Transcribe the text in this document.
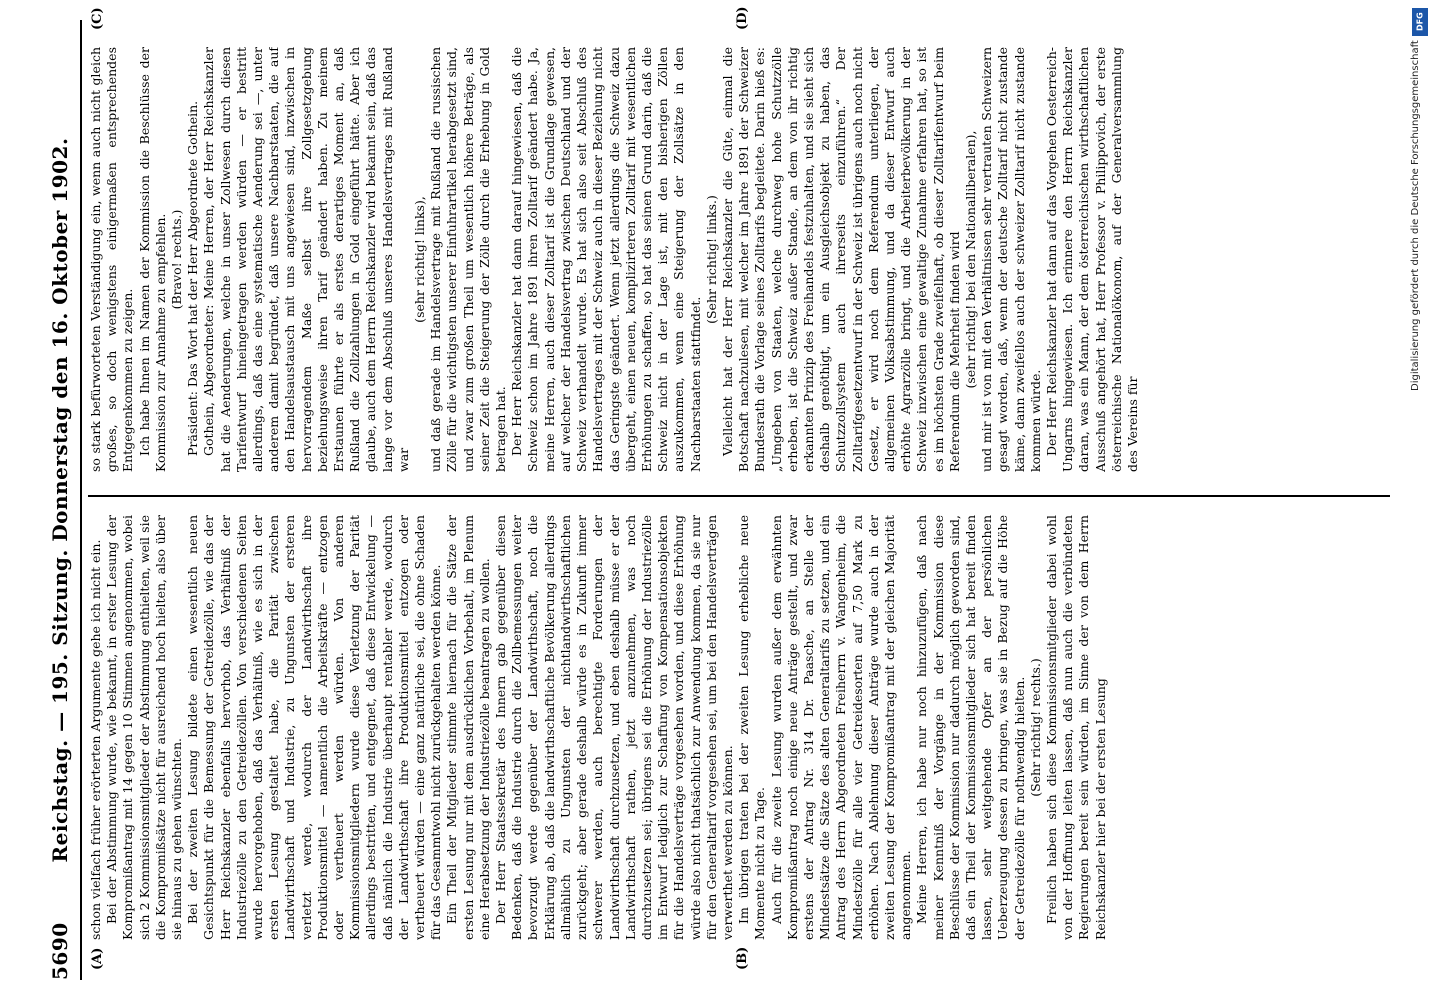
5690
Reichstag. — 195. Sitzung. Donnerstag den 16. Oktober 1902.
(A)	(B)
(C)	(D)

schon vielfach früher erörterten Argumente gehe ich nicht ein. Bei der Abstimmung wurde, wie bekannt, in erster Lesung der Kompromißantrag mit 14 gegen 10 Stimmen angenommen, wobei sich 2 Kommissionsmitglieder der Abstimmung enthielten, weil sie die Kompromißsätze nicht für ausreichend hoch hielten, also über sie hinaus zu gehen wünschten. Bei der zweiten Lesung bildete einen wesentlich neuen Gesichtspunkt für die Bemessung der Getreidezölle, wie das der Herr Reichskanzler ebenfalls hervorhob, das Verhältniß der Industriezölle zu den Getreidezöllen. Von verschiedenen Seiten wurde hervorgehoben, daß das Verhältniß, wie es sich in der ersten Lesung gestaltet habe, die Parität zwischen Landwirthschaft und Industrie, zu Ungunsten der ersteren verletzt werde, wodurch der Landwirthschaft ihre Produktionsmittel — namentlich die Arbeitskräfte — entzogen oder vertheuert werden würden. Von anderen Kommissionsmitgliedern wurde diese Verletzung der Parität allerdings bestritten, und entgegnet, daß diese Entwickelung — daß nämlich die Industrie überhaupt rentabler werde, wodurch der Landwirthschaft ihre Produktionsmittel entzogen oder vertheuert würden — eine ganz natürliche sei, die ohne Schaden für das Gesammtwohl nicht zurückgehalten werden könne. Ein Theil der Mitglieder stimmte hiernach für die Sätze der ersten Lesung nur mit dem ausdrücklichen Vorbehalt, im Plenum eine Herabsetzung der Industriezölle beantragen zu wollen. Der Herr Staatssekretär des Innern gab gegenüber diesen Bedenken, daß die Industrie durch die Zollbemessungen weiter bevorzugt werde gegenüber der Landwirthschaft, noch die Erklärung ab, daß die landwirthschaftliche Bevölkerung allerdings allmählich zu Ungunsten der nichtlandwirthschaftlichen zurückgeht; aber gerade deshalb würde es in Zukunft immer schwerer werden, auch berechtigte Forderungen der Landwirthschaft durchzusetzen, und eben deshalb müsse er der Landwirthschaft rathen, jetzt anzunehmen, was noch durchzusetzen sei; übrigens sei die Erhöhung der Industriezölle im Entwurf lediglich zur Schaffung von Kompensationsobjekten für die Handelsverträge vorgesehen worden, und diese Erhöhung würde also nicht thatsächlich zur Anwendung kommen, da sie nur für den Generaltarif vorgesehen sei, um bei den Handelsverträgen verwerthet werden zu können. Im übrigen traten bei der zweiten Lesung erhebliche neue Momente nicht zu Tage. Auch für die zweite Lesung wurden außer dem erwähnten Kompromißantrag noch einige neue Anträge gestellt, und zwar erstens der Antrag Nr. 314 Dr. Paasche, an Stelle der Mindestsätze die Sätze des alten Generaltarifs zu setzen, und ein Antrag des Herrn Abgeordneten Freiherrn v. Wangenheim, die Mindestzölle für alle vier Getreidesorten auf 7,50 Mark zu erhöhen. Nach Ablehnung dieser Anträge wurde auch in der zweiten Lesung der Kompromißantrag mit der gleichen Majorität angenommen. Meine Herren, ich habe nur noch hinzuzufügen, daß nach meiner Kenntniß der Vorgänge in der Kommission diese Beschlüsse der Kommission nur dadurch möglich geworden sind, daß ein Theil der Kommissionsmitglieder sich hat bereit finden lassen, sehr weitgehende Opfer an der persönlichen Ueberzeugung dessen zu bringen, was sie in Bezug auf die Höhe der Getreidezölle für nothwendig hielten. (Sehr richtig! rechts.) Freilich haben sich diese Kommissionsmitglieder dabei wohl von der Hoffnung leiten lassen, daß nun auch die verbündeten Regierungen bereit sein würden, im Sinne der von dem Herrn Reichskanzler hier bei der ersten Lesung

so stark befürworteten Verständigung ein, wenn auch nicht gleich großes, so doch wenigstens einigermaßen entsprechendes Entgegenkommen zu zeigen. Ich habe Ihnen im Namen der Kommission die Beschlüsse der Kommission zur Annahme zu empfehlen. (Bravo! rechts.) Präsident: Das Wort hat der Herr Abgeordnete Gothein. Gothein, Abgeordneter: Meine Herren, der Herr Reichskanzler hat die Aenderungen, welche in unser Zollwesen durch diesen Tarifentwurf hineingetragen werden würden — er bestritt allerdings, daß das eine systematische Aenderung sei —, unter anderem damit begründet, daß unsere Nachbarstaaten, die auf den Handelsaustausch mit uns angewiesen sind, inzwischen in hervorragendem Maße selbst ihre Zollgesetzgebung beziehungsweise ihren Tarif geändert haben. Zu meinem Erstaunen führte er als erstes derartiges Moment an, daß Rußland die Zollzahlungen in Gold eingeführt hätte. Aber ich glaube, auch dem Herrn Reichskanzler wird bekannt sein, daß das lange vor dem Abschluß unseres Handelsvertrages mit Rußland war

(sehr richtig! links), und daß gerade im Handelsvertrage mit Rußland die russischen Zölle für die wichtigsten unserer Einfuhrartikel herabgesetzt sind, und zwar zum großen Theil um wesentlich höhere Beträge, als seiner Zeit die Steigerung der Zölle durch die Erhebung in Gold betragen hat. Der Herr Reichskanzler hat dann darauf hingewiesen, daß die Schweiz schon im Jahre 1891 ihren Zolltarif geändert habe. Ja, meine Herren, auch dieser Zolltarif ist die Grundlage gewesen, auf welcher der Handelsvertrag zwischen Deutschland und der Schweiz verhandelt wurde. Es hat sich also seit Abschluß des Handelsvertrages mit der Schweiz auch in dieser Beziehung nicht das Geringste geändert. Wenn jetzt allerdings die Schweiz dazu übergeht, einen neuen, komplizirteren Zolltarif mit wesentlichen Erhöhungen zu schaffen, so hat das seinen Grund darin, daß die Schweiz nicht in der Lage ist, mit den bisherigen Zöllen auszukommen, wenn eine Steigerung der Zollsätze in den Nachbarstaaten stattfindet.

(Sehr richtig! links.) Vielleicht hat der Herr Reichskanzler die Güte, einmal die Botschaft nachzulesen, mit welcher im Jahre 1891 der Schweizer Bundesrath die Vorlage seines Zolltarifs begleitete. Darin hieß es: „Umgeben von Staaten, welche durchweg hohe Schutzzölle erheben, ist die Schweiz außer Stande, an dem von ihr richtig erkannten Prinzip des Freihandels festzuhalten, und sie sieht sich deshalb genöthigt, um ein Ausgleichsobjekt zu haben, das Schutzzollsystem auch ihrerseits einzuführen.“ Der Zolltarifgesetzentwurf in der Schweiz ist übrigens auch noch nicht Gesetz, er wird noch dem Referendum unterliegen, der allgemeinen Volksabstimmung, und da dieser Entwurf auch erhöhte Agrarzölle bringt, und die Arbeiterbevölkerung in der Schweiz inzwischen eine gewaltige Zunahme erfahren hat, so ist es im höchsten Grade zweifelhaft, ob dieser Zolltarifentwurf beim Referendum die Mehrheit finden wird (sehr richtig! bei den Nationalliberalen), und mir ist von mit den Verhältnissen sehr vertrauten Schweizern gesagt worden, daß, wenn der deutsche Zolltarif nicht zustande käme, dann zweifellos auch der schweizer Zolltarif nicht zustande kommen würde. Der Herr Reichskanzler hat dann auf das Vorgehen Oesterreich-Ungarns hingewiesen. Ich erinnere den Herrn Reichskanzler daran, was ein Mann, der dem österreichischen wirthschaftlichen Ausschuß angehört hat, Herr Professor v. Philippovich, der erste österreichische Nationalökonom, auf der Generalversammlung des Vereins für

DFG
Digitalisierung gefördert durch die Deutsche Forschungsgemeinschaft
